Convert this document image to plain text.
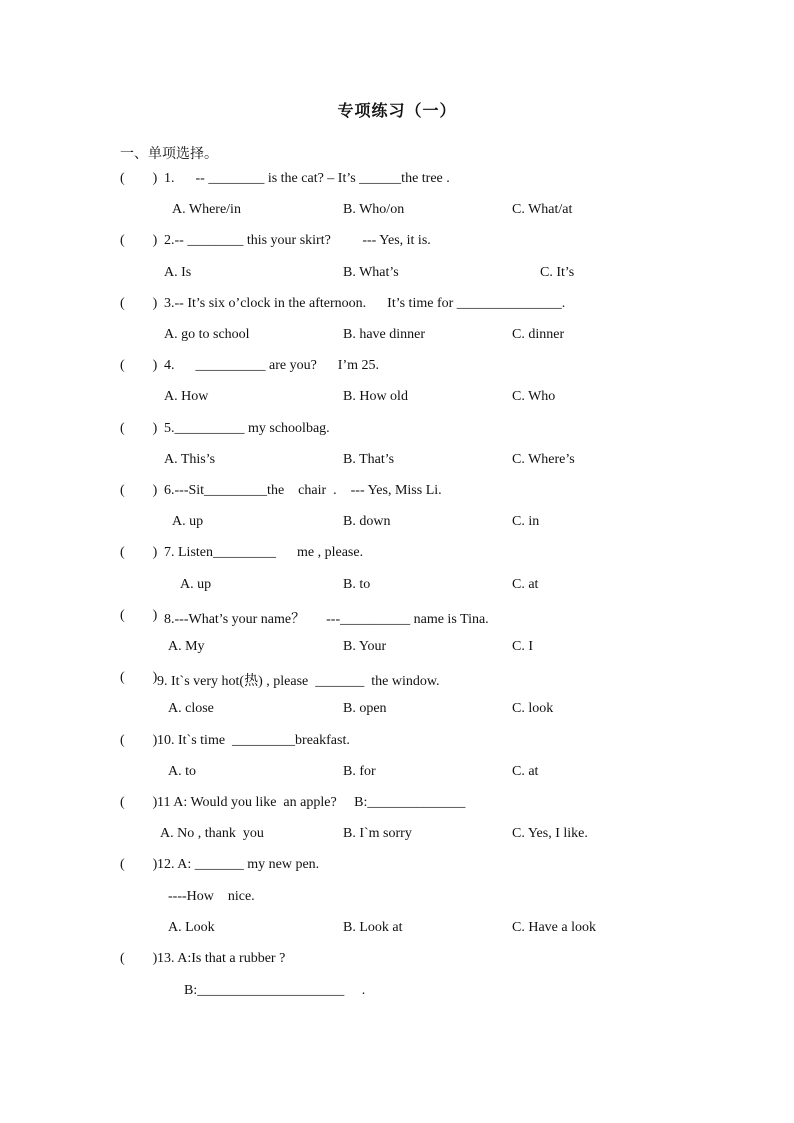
专项练习（一）
一、单项选择。
(        ) 1.      -- ________ is the cat? – It’s ______the tree .
A. Where/in	B. Who/on	C. What/at
(        ) 2.-- ________ this your skirt?         --- Yes, it is.
A. Is	B. What’s	C. It’s
(        ) 3.-- It’s six o’clock in the afternoon.      It’s time for _______________.
A. go to school	B. have dinner	C. dinner
(        ) 4.      __________ are you?      I’m 25.
A. How	B. How old	C. Who
(        ) 5.__________ my schoolbag.
A. This’s	B. That’s	C. Where’s
(        ) 6.---Sit_________the    chair  .    --- Yes, Miss Li.
A. up	B. down	C. in
(        ) 7. Listen_________      me , please.
A. up	B. to	C. at
(        ) 8.---What’s your name？      ---__________ name is Tina.
A. My	B. Your	C. I
(        ) 9. It`s very hot(热) , please  _______  the window.
A. close	B. open	C. look
(        ) 10. It`s time  _________breakfast.
A. to	B. for	C. at
(        ) 11 A: Would you like  an apple?     B:______________
A. No , thank  you	B. I`m sorry	C. Yes, I like.
(        ) 12. A: _______ my new pen.
----How    nice.
A. Look	B. Look at	C. Have a look
(        ) 13. A:Is that a rubber ?
B:_____________________     .
